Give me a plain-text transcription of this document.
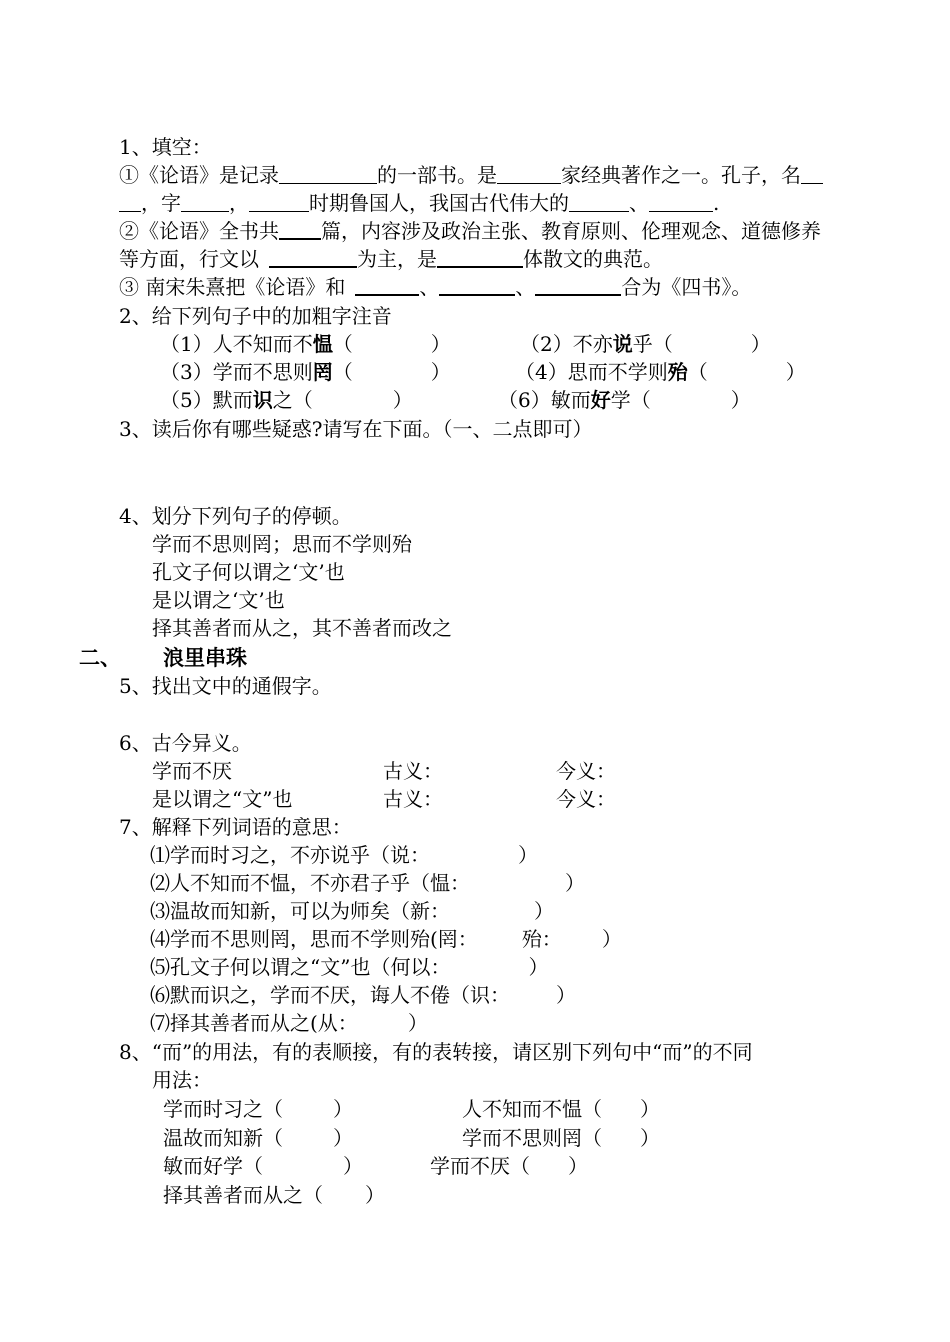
1、填空：
①《论语》是记录	的一部书。是	家经典著作之一。孔子，名
，字 ，	时期鲁国人，我国古代伟大的	、	.
②《论语》全书共 篇，内容涉及政治主张、教育原则、伦理观念、道德修养
等方面，行文以	为主，是	体散文的典范。
③ 南宋朱熹把《论语》和	、	、	合为《四书》。
2、给下列句子中的加粗字注音
（1）人不知而不愠（	）	（2）不亦说乎（	）
（3）学而不思则罔（	）	（4）思而不学则殆（	）
（5）默而识之（	）	（6）敏而好学（	）
3、读后你有哪些疑惑?请写在下面。（一、二点即可）
4、划分下列句子的停顿。
学而不思则罔；思而不学则殆
孔文子何以谓之‘文’也
是以谓之‘文’也
择其善者而从之，其不善者而改之
二、 浪里串珠
5、找出文中的通假字。
6、古今异义。
学而不厌	古义：	今义：
是以谓之“文”也	古义：	今义：
7、解释下列词语的意思：
⑴学而时习之，不亦说乎（说：	）
⑵人不知而不愠，不亦君子乎（愠：	）
⑶温故而知新，可以为师矣（新：	）
⑷学而不思则罔，思而不学则殆(罔： 殆： ）
⑸孔文子何以谓之“文”也（何以：	）
⑹默而识之，学而不厌，诲人不倦（识： ）
⑺择其善者而从之(从：	）
8、“而”的用法，有的表顺接，有的表转接，请区别下列句中“而”的不同
用法：
学而时习之（	）	人不知而不愠（ ）
温故而知新（	）	学而不思则罔（ ）
敏而好学（	）	学而不厌（ ）
择其善者而从之（ ）
